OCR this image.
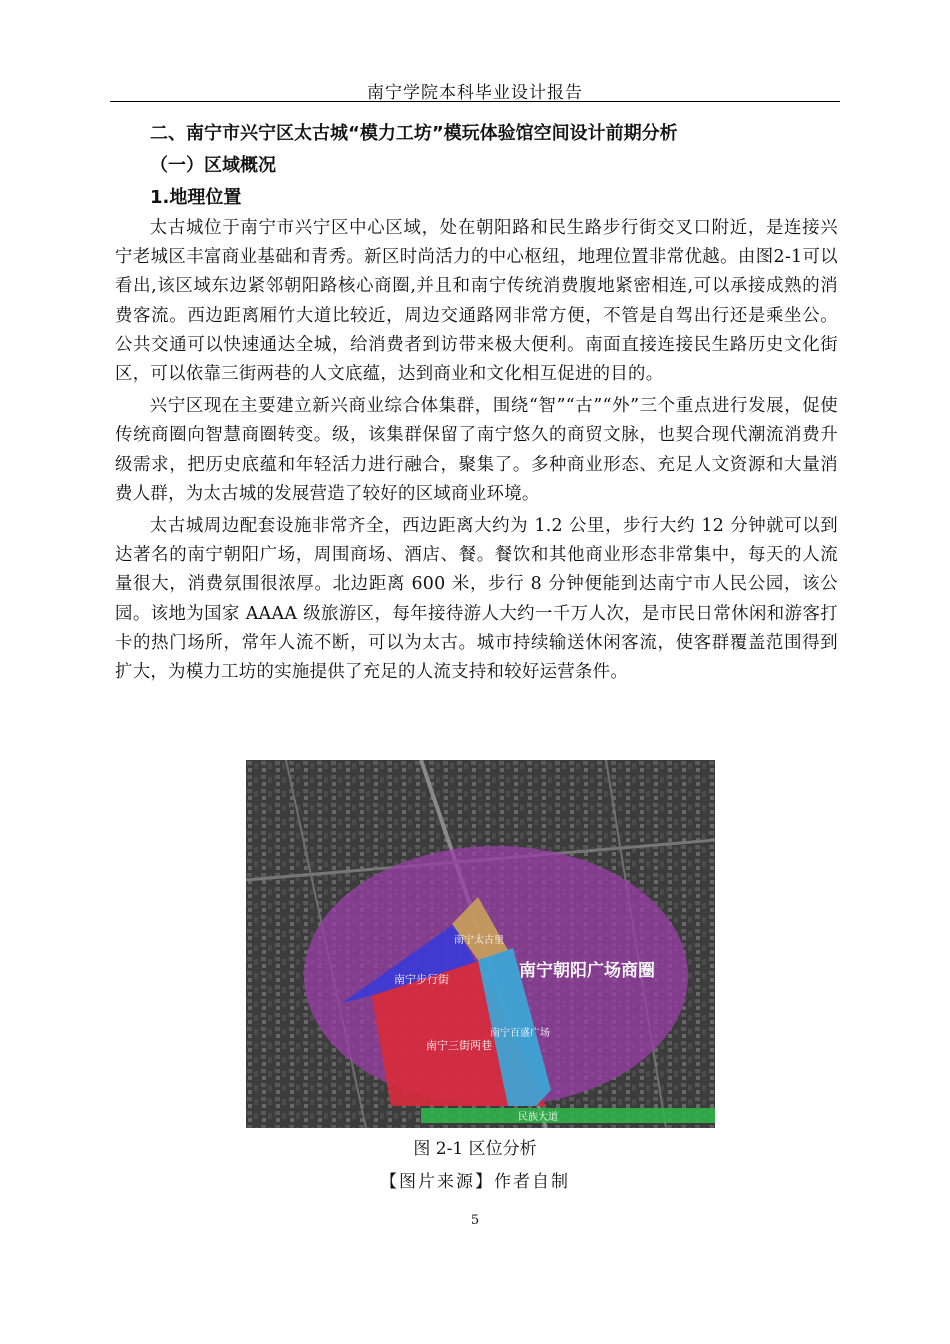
南宁学院本科毕业设计报告
二、南宁市兴宁区太古城“模力工坊”模玩体验馆空间设计前期分析
（一）区域概况
1.地理位置

太古城位于南宁市兴宁区中心区域，处在朝阳路和民生路步行街交叉口附近，是连接兴宁老城区丰富商业基础和青秀。新区时尚活力的中心枢纽，地理位置非常优越。由图2-1可以看出,该区域东边紧邻朝阳路核心商圈,并且和南宁传统消费腹地紧密相连,可以承接成熟的消费客流。西边距离厢竹大道比较近，周边交通路网非常方便，不管是自驾出行还是乘坐公。公共交通可以快速通达全城，给消费者到访带来极大便利。南面直接连接民生路历史文化街区，可以依靠三街两巷的人文底蕴，达到商业和文化相互促进的目的。

兴宁区现在主要建立新兴商业综合体集群，围绕“智”“古”“外”三个重点进行发展，促使传统商圈向智慧商圈转变。级，该集群保留了南宁悠久的商贸文脉，也契合现代潮流消费升级需求，把历史底蕴和年轻活力进行融合，聚集了。多种商业形态、充足人文资源和大量消费人群，为太古城的发展营造了较好的区域商业环境。

太古城周边配套设施非常齐全，西边距离大约为 1.2 公里，步行大约 12 分钟就可以到达著名的南宁朝阳广场，周围商场、酒店、餐。餐饮和其他商业形态非常集中，每天的人流量很大，消费氛围很浓厚。北边距离 600 米，步行 8 分钟便能到达南宁市人民公园，该公园。该地为国家 AAAA 级旅游区，每年接待游人大约一千万人次，是市民日常休闲和游客打卡的热门场所，常年人流不断，可以为太古。城市持续输送休闲客流，使客群覆盖范围得到扩大，为模力工坊的实施提供了充足的人流支持和较好运营条件。

南宁朝阳广场商圈
南宁太古里
南宁步行街
南宁百盛广场
南宁三街两巷
民族大道
图 2-1 区位分析
【图片来源】作者自制
5
